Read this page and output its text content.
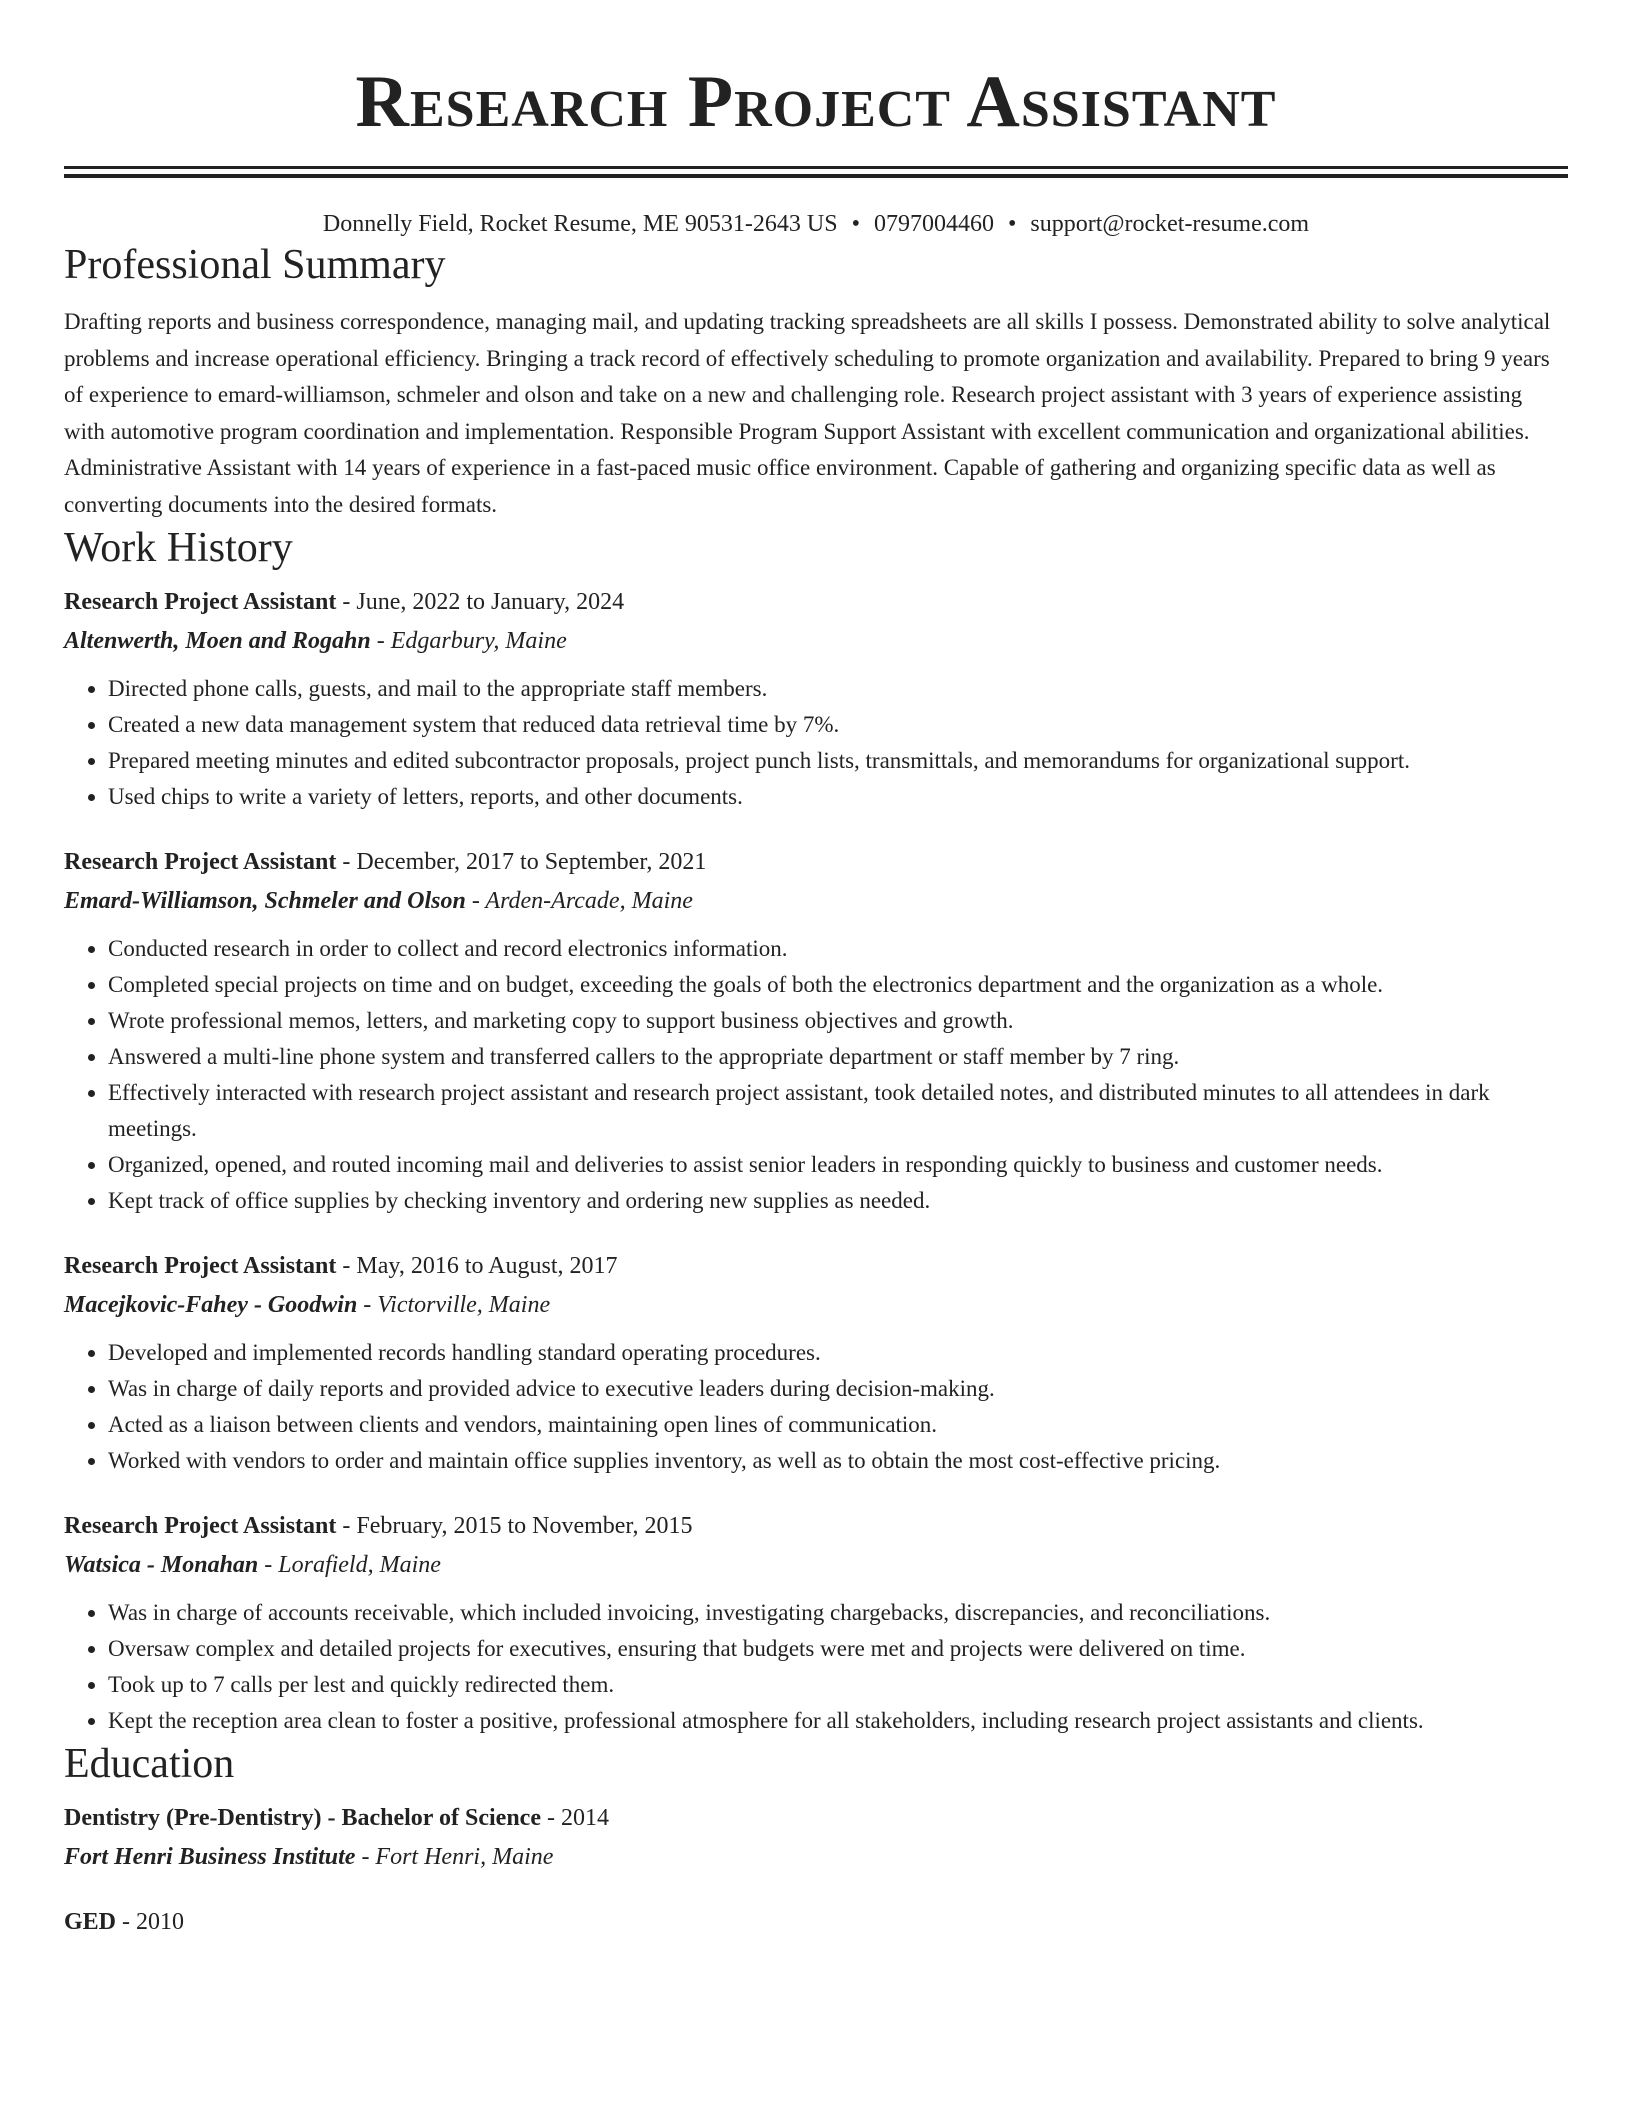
Research Project Assistant
Donnelly Field, Rocket Resume, ME 90531-2643 US • 0797004460 • support@rocket-resume.com
Professional Summary
Drafting reports and business correspondence, managing mail, and updating tracking spreadsheets are all skills I possess. Demonstrated ability to solve analytical problems and increase operational efficiency. Bringing a track record of effectively scheduling to promote organization and availability. Prepared to bring 9 years of experience to emard-williamson, schmeler and olson and take on a new and challenging role. Research project assistant with 3 years of experience assisting with automotive program coordination and implementation. Responsible Program Support Assistant with excellent communication and organizational abilities. Administrative Assistant with 14 years of experience in a fast-paced music office environment. Capable of gathering and organizing specific data as well as converting documents into the desired formats.
Work History
Research Project Assistant - June, 2022 to January, 2024
Altenwerth, Moen and Rogahn - Edgarbury, Maine
• Directed phone calls, guests, and mail to the appropriate staff members.
• Created a new data management system that reduced data retrieval time by 7%.
• Prepared meeting minutes and edited subcontractor proposals, project punch lists, transmittals, and memorandums for organizational support.
• Used chips to write a variety of letters, reports, and other documents.
Research Project Assistant - December, 2017 to September, 2021
Emard-Williamson, Schmeler and Olson - Arden-Arcade, Maine
• Conducted research in order to collect and record electronics information.
• Completed special projects on time and on budget, exceeding the goals of both the electronics department and the organization as a whole.
• Wrote professional memos, letters, and marketing copy to support business objectives and growth.
• Answered a multi-line phone system and transferred callers to the appropriate department or staff member by 7 ring.
• Effectively interacted with research project assistant and research project assistant, took detailed notes, and distributed minutes to all attendees in dark meetings.
• Organized, opened, and routed incoming mail and deliveries to assist senior leaders in responding quickly to business and customer needs.
• Kept track of office supplies by checking inventory and ordering new supplies as needed.
Research Project Assistant - May, 2016 to August, 2017
Macejkovic-Fahey - Goodwin - Victorville, Maine
• Developed and implemented records handling standard operating procedures.
• Was in charge of daily reports and provided advice to executive leaders during decision-making.
• Acted as a liaison between clients and vendors, maintaining open lines of communication.
• Worked with vendors to order and maintain office supplies inventory, as well as to obtain the most cost-effective pricing.
Research Project Assistant - February, 2015 to November, 2015
Watsica - Monahan - Lorafield, Maine
• Was in charge of accounts receivable, which included invoicing, investigating chargebacks, discrepancies, and reconciliations.
• Oversaw complex and detailed projects for executives, ensuring that budgets were met and projects were delivered on time.
• Took up to 7 calls per lest and quickly redirected them.
• Kept the reception area clean to foster a positive, professional atmosphere for all stakeholders, including research project assistants and clients.
Education
Dentistry (Pre-Dentistry) - Bachelor of Science - 2014
Fort Henri Business Institute - Fort Henri, Maine
GED - 2010
